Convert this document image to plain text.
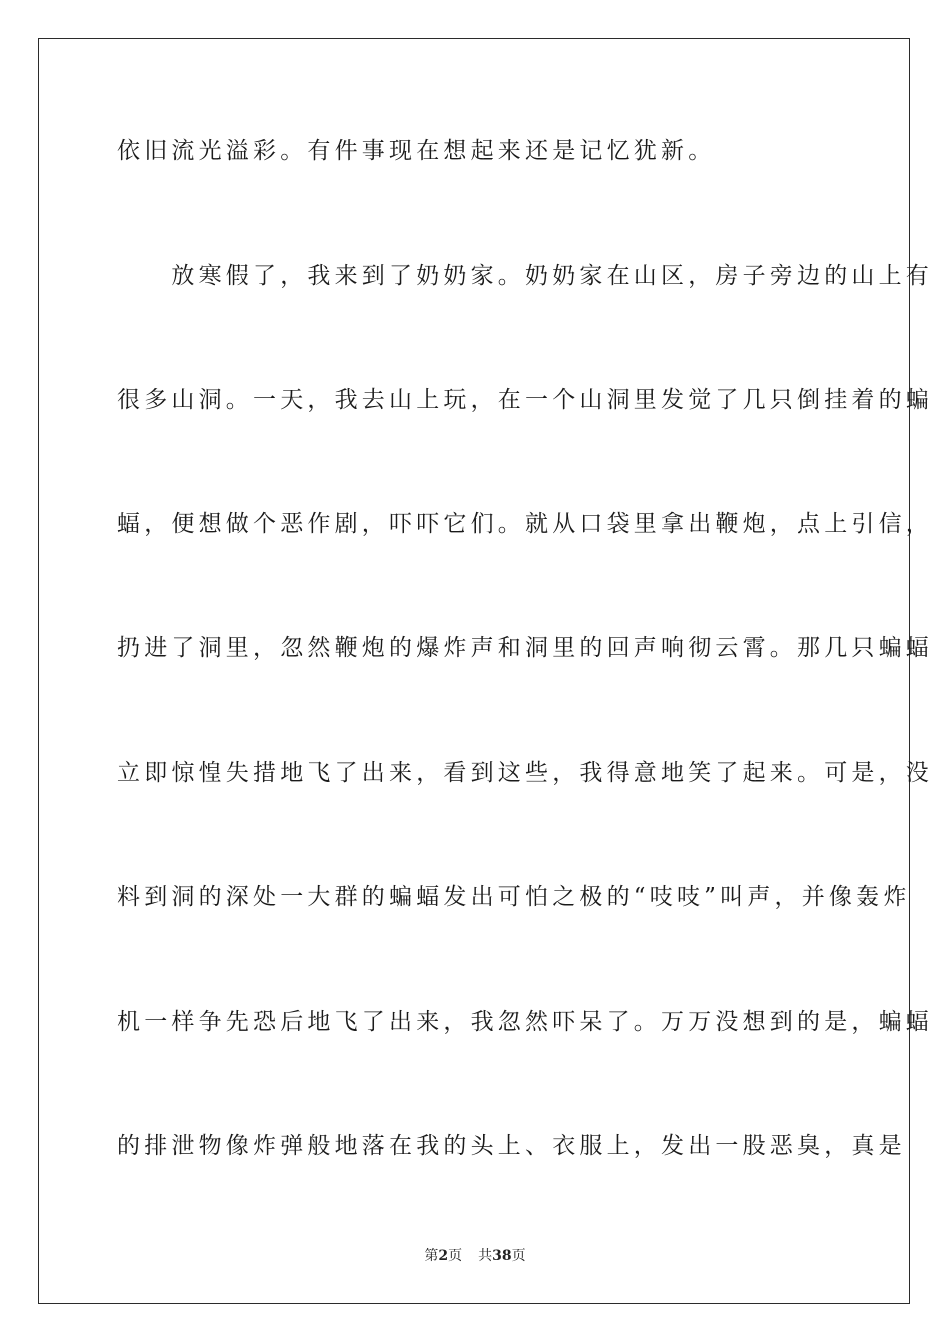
依旧流光溢彩。有件事现在想起来还是记忆犹新。
　　放寒假了，我来到了奶奶家。奶奶家在山区，房子旁边的山上有
很多山洞。一天，我去山上玩，在一个山洞里发觉了几只倒挂着的蝙
蝠，便想做个恶作剧，吓吓它们。就从口袋里拿出鞭炮，点上引信，
扔进了洞里，忽然鞭炮的爆炸声和洞里的回声响彻云霄。那几只蝙蝠
立即惊惶失措地飞了出来，看到这些，我得意地笑了起来。可是，没
料到洞的深处一大群的蝙蝠发出可怕之极的“吱吱”叫声，并像轰炸
机一样争先恐后地飞了出来，我忽然吓呆了。万万没想到的是，蝙蝠
的排泄物像炸弹般地落在我的头上、衣服上，发出一股恶臭，真是
第2页 共38页
